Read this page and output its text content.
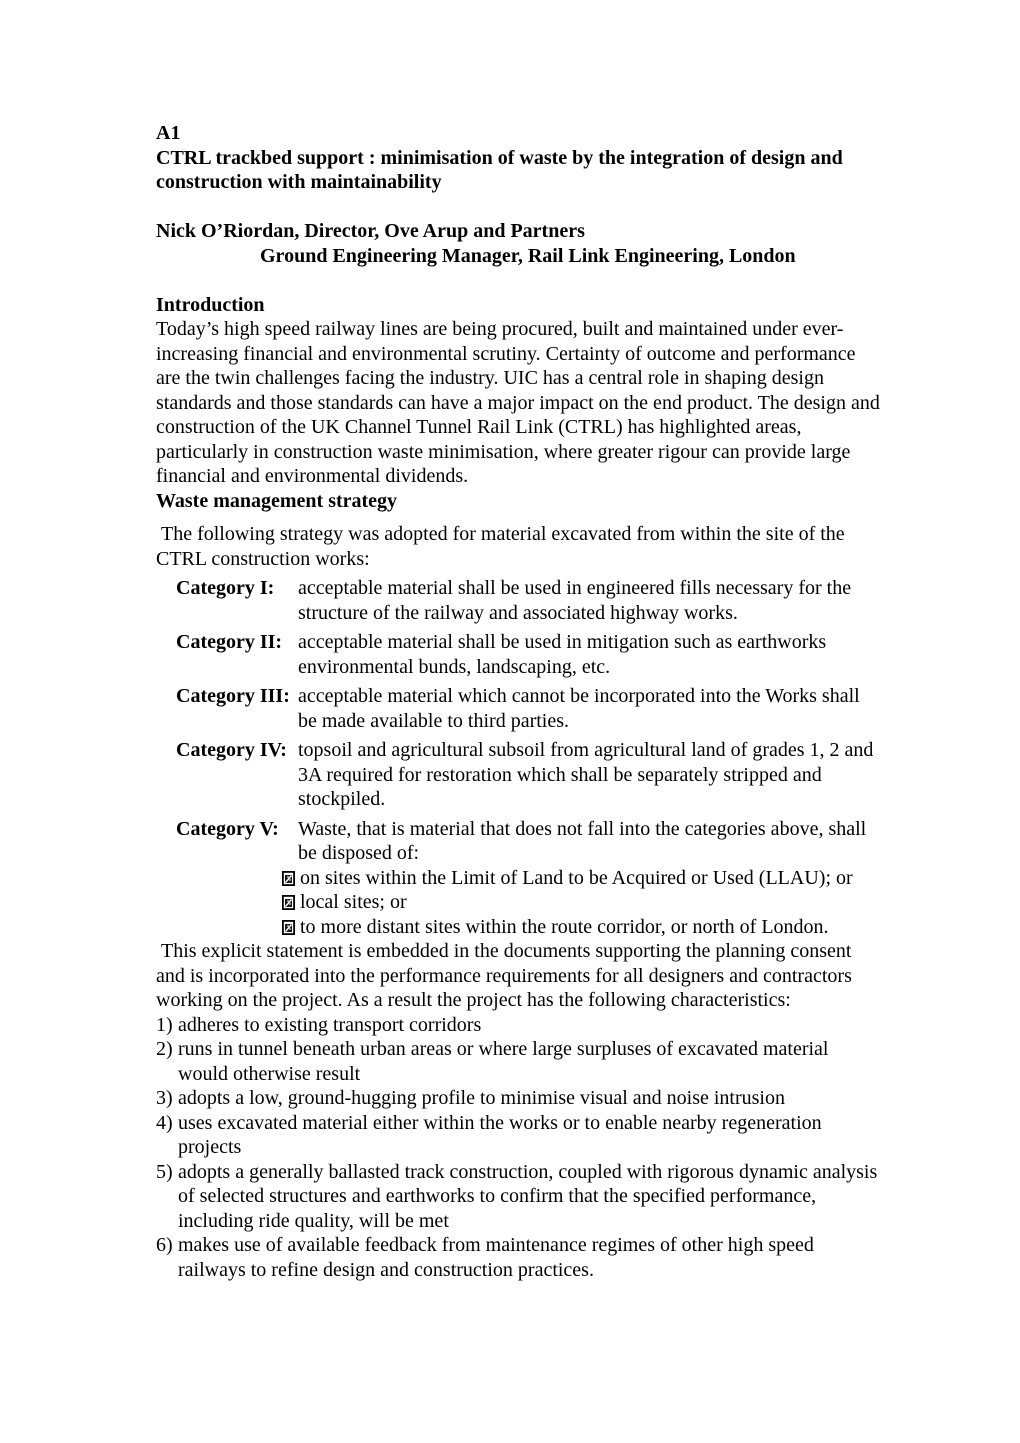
A1
CTRL trackbed support : minimisation of waste by the integration of design and
construction with maintainability
Nick O’Riordan, Director, Ove Arup and Partners
Ground Engineering Manager, Rail Link Engineering, London
Introduction
Today’s high speed railway lines are being procured, built and maintained under ever-increasing financial and environmental scrutiny. Certainty of outcome and performance are the twin challenges facing the industry. UIC has a central role in shaping design standards and those standards can have a major impact on the end product. The design and construction of the UK Channel Tunnel Rail Link (CTRL) has highlighted areas, particularly in construction waste minimisation, where greater rigour can provide large financial and environmental dividends.
Waste management strategy
The following strategy was adopted for material excavated from within the site of the CTRL construction works:
Category I: acceptable material shall be used in engineered fills necessary for the structure of the railway and associated highway works.
Category II: acceptable material shall be used in mitigation such as earthworks environmental bunds, landscaping, etc.
Category III: acceptable material which cannot be incorporated into the Works shall be made available to third parties.
Category IV: topsoil and agricultural subsoil from agricultural land of grades 1, 2 and 3A required for restoration which shall be separately stripped and stockpiled.
Category V: Waste, that is material that does not fall into the categories above, shall be disposed of:
on sites within the Limit of Land to be Acquired or Used (LLAU); or
local sites; or
to more distant sites within the route corridor, or north of London.
This explicit statement is embedded in the documents supporting the planning consent and is incorporated into the performance requirements for all designers and contractors working on the project. As a result the project has the following characteristics:
1) adheres to existing transport corridors
2) runs in tunnel beneath urban areas or where large surpluses of excavated material would otherwise result
3) adopts a low, ground-hugging profile to minimise visual and noise intrusion
4) uses excavated material either within the works or to enable nearby regeneration projects
5) adopts a generally ballasted track construction, coupled with rigorous dynamic analysis of selected structures and earthworks to confirm that the specified performance, including ride quality, will be met
6) makes use of available feedback from maintenance regimes of other high speed railways to refine design and construction practices.
